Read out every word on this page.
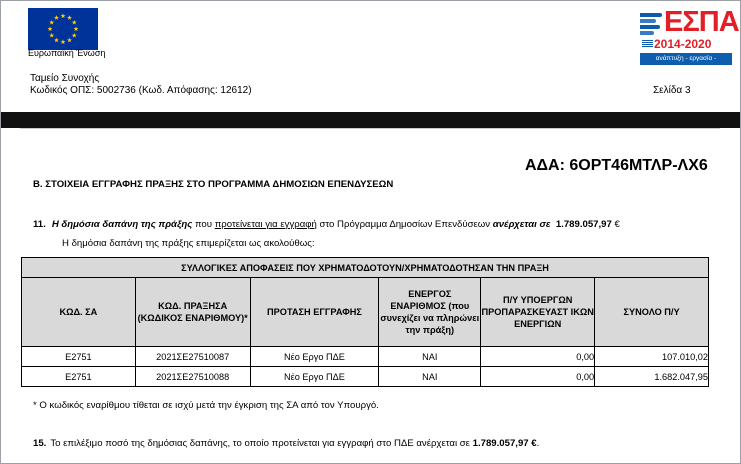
Ευρωπαϊκή Ένωση
ΕΣΠΑ
2014-2020
ανάπτυξη - εργασία - αλληλεγγύη
Ταμείο Συνοχής
Κωδικός ΟΠΣ: 5002736 (Κωδ. Απόφασης: 12612)	Σελίδα 3
ΑΔΑ: 6ΟΡΤ46ΜΤΛΡ-ΛΧ6
Β. ΣΤΟΙΧΕΙΑ ΕΓΓΡΑΦΗΣ ΠΡΑΞΗΣ ΣΤΟ ΠΡΟΓΡΑΜΜΑ ΔΗΜΟΣΙΩΝ ΕΠΕΝΔΥΣΕΩΝ
11. Η δημόσια δαπάνη της πράξης που προτείνεται για εγγραφή στο Πρόγραμμα Δημοσίων Επενδύσεων ανέρχεται σε 1.789.057,97 €
Η δημόσια δαπάνη της πράξης επιμερίζεται ως ακολούθως:
ΣΥΛΛΟΓΙΚΕΣ ΑΠΟΦΑΣΕΙΣ ΠΟΥ ΧΡΗΜΑΤΟΔΟΤΟΥΝ/ΧΡΗΜΑΤΟΔΟΤΗΣΑΝ ΤΗΝ ΠΡΑΞΗ					
ΚΩΔ. ΣΑ	ΚΩΔ. ΠΡΑΞΗΣΑ (ΚΩΔΙΚΟΣ ΕΝΑΡΙΘΜΟΥ)*	ΠΡΟΤΑΣΗ ΕΓΓΡΑΦΗΣ	ΕΝΕΡΓΟΣ ΕΝΑΡΙΘΜΟΣ (που συνεχίζει να πληρώνει την πράξη)	Π/Υ ΥΠΟΕΡΓΩΝ ΠΡΟΠΑΡΑΣΚΕΥΑΣΤ ΙΚΩΝ ΕΝΕΡΓΙΩΝ	ΣΥΝΟΛΟ Π/Υ
Ε2751	2021ΣΕ27510087	Νέο Εργο ΠΔΕ	ΝΑΙ	0,00	107.010,02
Ε2751	2021ΣΕ27510088	Νέο Εργο ΠΔΕ	ΝΑΙ	0,00	1.682.047,95
* Ο κωδικός εναρίθμου τίθεται σε ισχύ μετά την έγκριση της ΣΑ από τον Υπουργό.
15. Το επιλέξιμο ποσό της δημόσιας δαπάνης, το οποίο προτείνεται για εγγραφή στο ΠΔΕ ανέρχεται σε 1.789.057,97 €.
